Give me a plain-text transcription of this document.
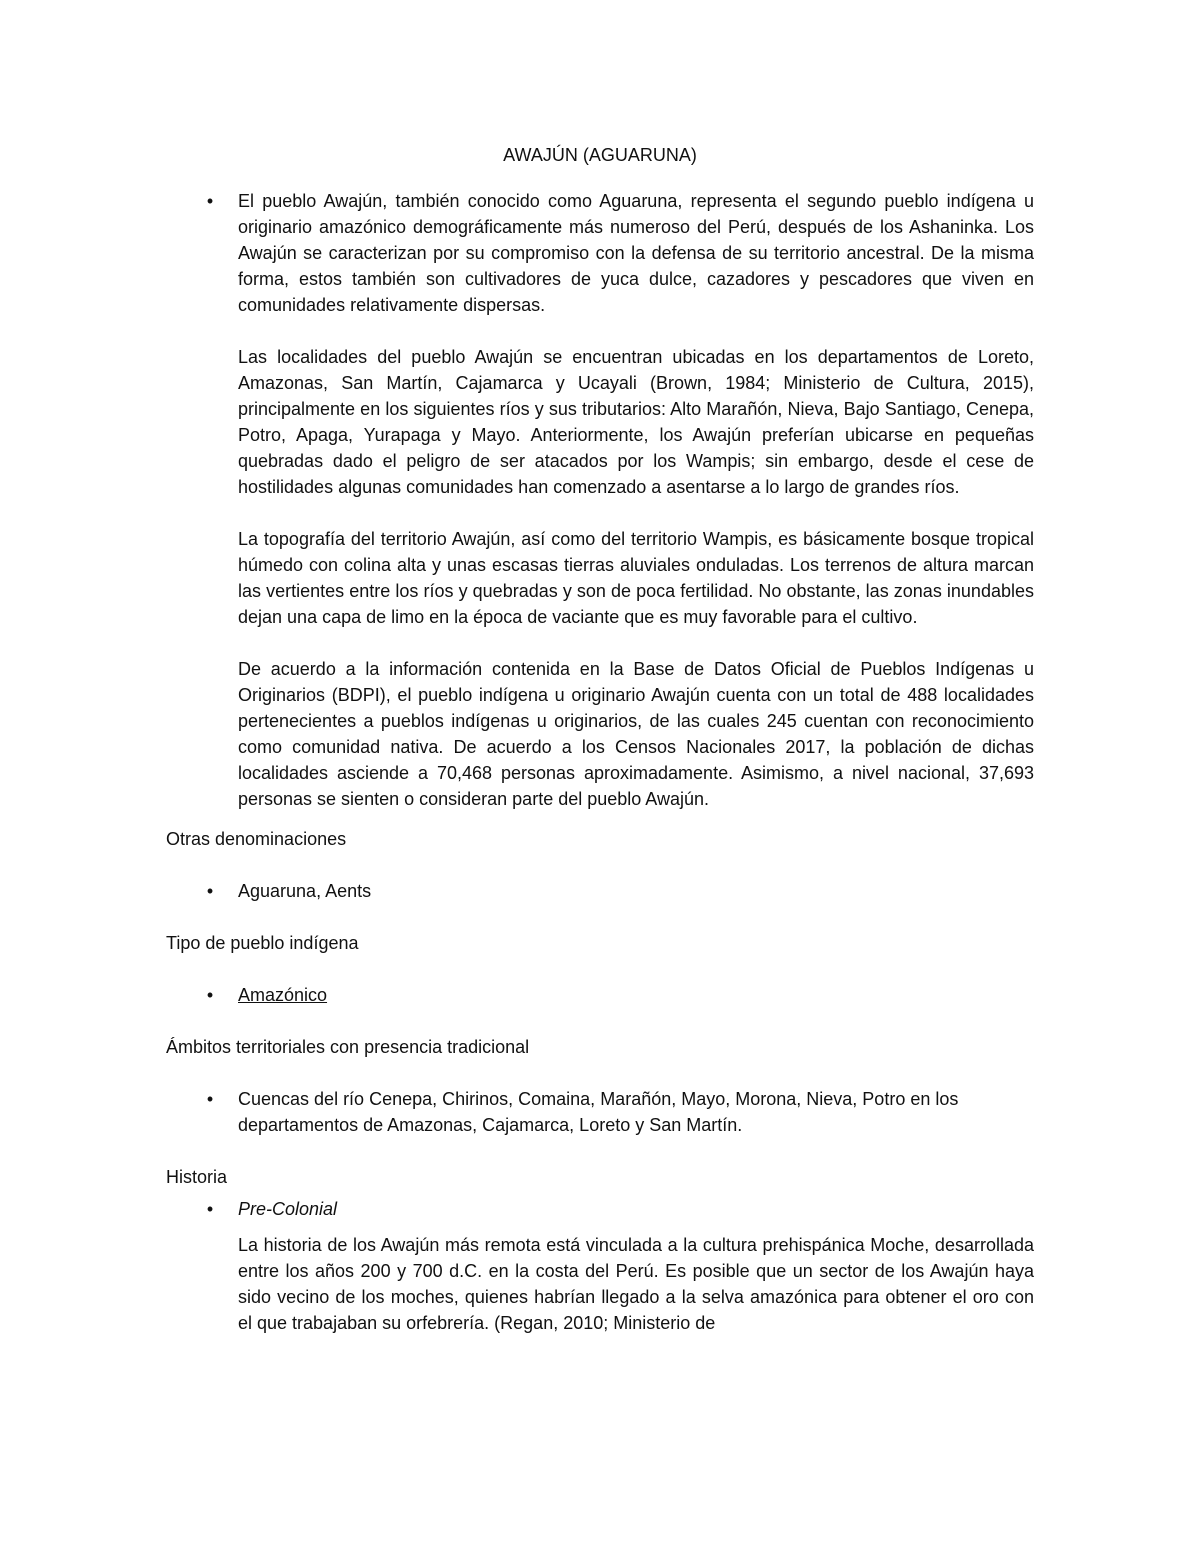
AWAJÚN (AGUARUNA)
•	El pueblo Awajún, también conocido como Aguaruna, representa el segundo pueblo indígena u originario amazónico demográficamente más numeroso del Perú, después de los Ashaninka. Los Awajún se caracterizan por su compromiso con la defensa de su territorio ancestral. De la misma forma, estos también son cultivadores de yuca dulce, cazadores y pescadores que viven en comunidades relativamente dispersas.

Las localidades del pueblo Awajún se encuentran ubicadas en los departamentos de Loreto, Amazonas, San Martín, Cajamarca y Ucayali (Brown, 1984; Ministerio de Cultura, 2015), principalmente en los siguientes ríos y sus tributarios: Alto Marañón, Nieva, Bajo Santiago, Cenepa, Potro, Apaga, Yurapaga y Mayo. Anteriormente, los Awajún preferían ubicarse en pequeñas quebradas dado el peligro de ser atacados por los Wampis; sin embargo, desde el cese de hostilidades algunas comunidades han comenzado a asentarse a lo largo de grandes ríos.

La topografía del territorio Awajún, así como del territorio Wampis, es básicamente bosque tropical húmedo con colina alta y unas escasas tierras aluviales onduladas. Los terrenos de altura marcan las vertientes entre los ríos y quebradas y son de poca fertilidad. No obstante, las zonas inundables dejan una capa de limo en la época de vaciante que es muy favorable para el cultivo.

De acuerdo a la información contenida en la Base de Datos Oficial de Pueblos Indígenas u Originarios (BDPI), el pueblo indígena u originario Awajún cuenta con un total de 488 localidades pertenecientes a pueblos indígenas u originarios, de las cuales 245 cuentan con reconocimiento como comunidad nativa. De acuerdo a los Censos Nacionales 2017, la población de dichas localidades asciende a 70,468 personas aproximadamente. Asimismo, a nivel nacional, 37,693 personas se sienten o consideran parte del pueblo Awajún.

Otras denominaciones
•	Aguaruna, Aents
Tipo de pueblo indígena
•	Amazónico
Ámbitos territoriales con presencia tradicional
•	Cuencas del río Cenepa, Chirinos, Comaina, Marañón, Mayo, Morona, Nieva, Potro en los departamentos de Amazonas, Cajamarca, Loreto y San Martín.
Historia
•	Pre-Colonial

La historia de los Awajún más remota está vinculada a la cultura prehispánica Moche, desarrollada entre los años 200 y 700 d.C. en la costa del Perú. Es posible que un sector de los Awajún haya sido vecino de los moches, quienes habrían llegado a la selva amazónica para obtener el oro con el que trabajaban su orfebrería. (Regan, 2010; Ministerio de
